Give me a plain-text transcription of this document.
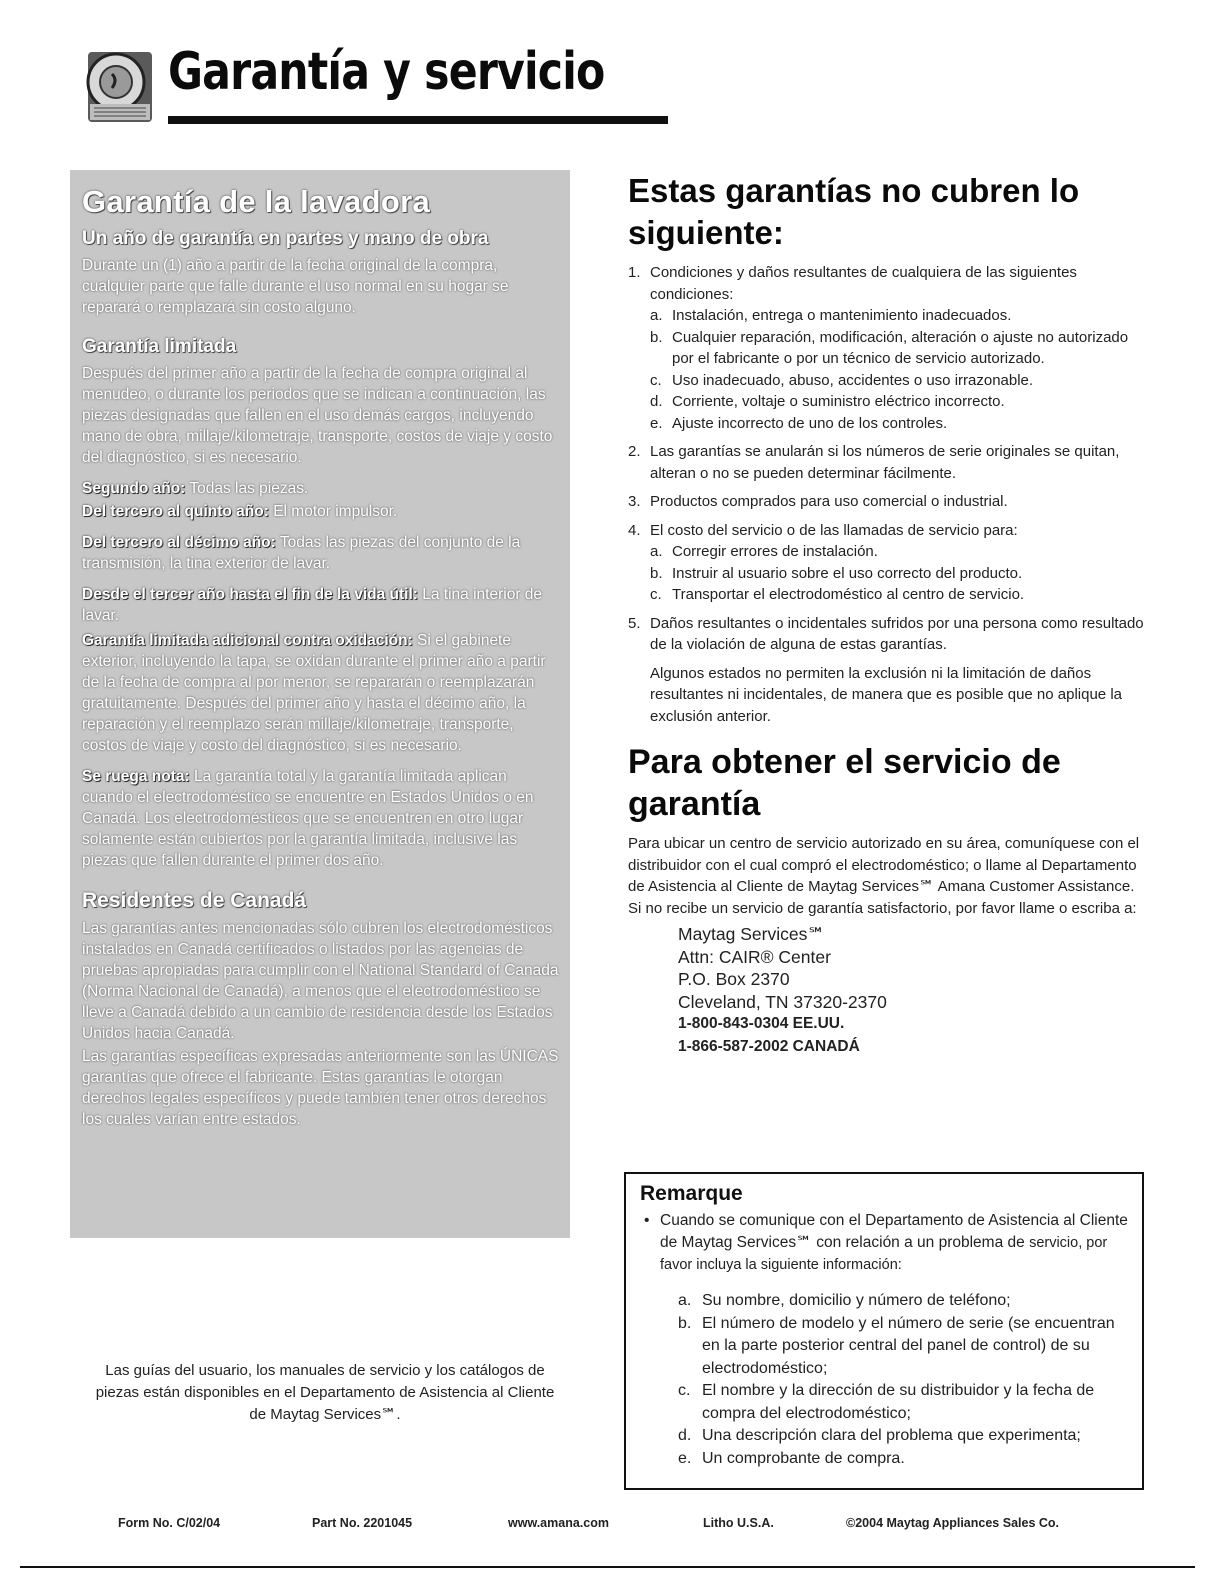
Garantía y servicio
Garantía de la lavadora
Un año de garantía en partes y mano de obra

Durante un (1) año a partir de la fecha original de la compra, cualquier parte que falle durante el uso normal en su hogar se reparará o remplazará sin costo alguno.

Garantía limitada

Después del primer año a partir de la fecha de compra original al menudeo, o durante los periodos que se indican a continuación, las piezas designadas que fallen en el uso demás cargos, incluyendo mano de obra, millaje/kilometraje, transporte, costos de viaje y costo del diagnóstico, si es necesario.

Segundo año: Todas las piezas.

Del tercero al quinto año: El motor impulsor.

Del tercero al décimo año: Todas las piezas del conjunto de la transmisión, la tina exterior de lavar.

Desde el tercer año hasta el fin de la vida útil: La tina interior de lavar.

Garantía limitada adicional contra oxidación: Si el gabinete exterior, incluyendo la tapa, se oxidan durante el primer año a partir de la fecha de compra al por menor, se repararán o reemplazarán gratuitamente. Después del primer año y hasta el décimo año, la reparación y el reemplazo serán millaje/kilometraje, transporte, costos de viaje y costo del diagnóstico, si es necesario.

Se ruega nota: La garantía total y la garantía limitada aplican cuando el electrodoméstico se encuentre en Estados Unidos o en Canadá. Los electrodomésticos que se encuentren en otro lugar solamente están cubiertos por la garantía limitada, inclusive las piezas que fallen durante el primer dos año.

Residentes de Canadá

Las garantías antes mencionadas sólo cubren los electrodomésticos instalados en Canadá certificados o listados por las agencias de pruebas apropiadas para cumplir con el National Standard of Canada (Norma Nacional de Canadá), a menos que el electrodoméstico se lleve a Canadá debido a un cambio de residencia desde los Estados Unidos hacia Canadá.

Las garantías específicas expresadas anteriormente son las ÚNICAS garantías que ofrece el fabricante. Estas garantías le otorgan derechos legales específicos y puede también tener otros derechos los cuales varían entre estados.

Las guías del usuario, los manuales de servicio y los catálogos de piezas están disponibles en el Departamento de Asistencia al Cliente de Maytag Services℠.

Estas garantías no cubren lo siguiente:
1. Condiciones y daños resultantes de cualquiera de las siguientes condiciones:
a. Instalación, entrega o mantenimiento inadecuados.
b. Cualquier reparación, modificación, alteración o ajuste no autorizado por el fabricante o por un técnico de servicio autorizado.
c. Uso inadecuado, abuso, accidentes o uso irrazonable.
d. Corriente, voltaje o suministro eléctrico incorrecto.
e. Ajuste incorrecto de uno de los controles.
2. Las garantías se anularán si los números de serie originales se quitan, alteran o no se pueden determinar fácilmente.
3. Productos comprados para uso comercial o industrial.
4. El costo del servicio o de las llamadas de servicio para:
a. Corregir errores de instalación.
b. Instruir al usuario sobre el uso correcto del producto.
c. Transportar el electrodoméstico al centro de servicio.
5. Daños resultantes o incidentales sufridos por una persona como resultado de la violación de alguna de estas garantías.

Algunos estados no permiten la exclusión ni la limitación de daños resultantes ni incidentales, de manera que es posible que no aplique la exclusión anterior.

Para obtener el servicio de garantía

Para ubicar un centro de servicio autorizado en su área, comuníquese con el distribuidor con el cual compró el electrodoméstico; o llame al Departamento de Asistencia al Cliente de Maytag Services℠ Amana Customer Assistance. Si no recibe un servicio de garantía satisfactorio, por favor llame o escriba a:

Maytag Services℠
Attn: CAIR® Center
P.O. Box 2370
Cleveland, TN 37320-2370
1-800-843-0304 EE.UU.
1-866-587-2002 CANADÁ
Remarque
• Cuando se comunique con el Departamento de Asistencia al Cliente de Maytag Services℠ con relación a un problema de servicio, por favor incluya la siguiente información:
a. Su nombre, domicilio y número de teléfono;
b. El número de modelo y el número de serie (se encuentran en la parte posterior central del panel de control) de su electrodoméstico;
c. El nombre y la dirección de su distribuidor y la fecha de compra del electrodoméstico;
d. Una descripción clara del problema que experimenta;
e. Un comprobante de compra.
Form No. C/02/04	Part No. 2201045	www.amana.com	Litho U.S.A.	©2004 Maytag Appliances Sales Co.
